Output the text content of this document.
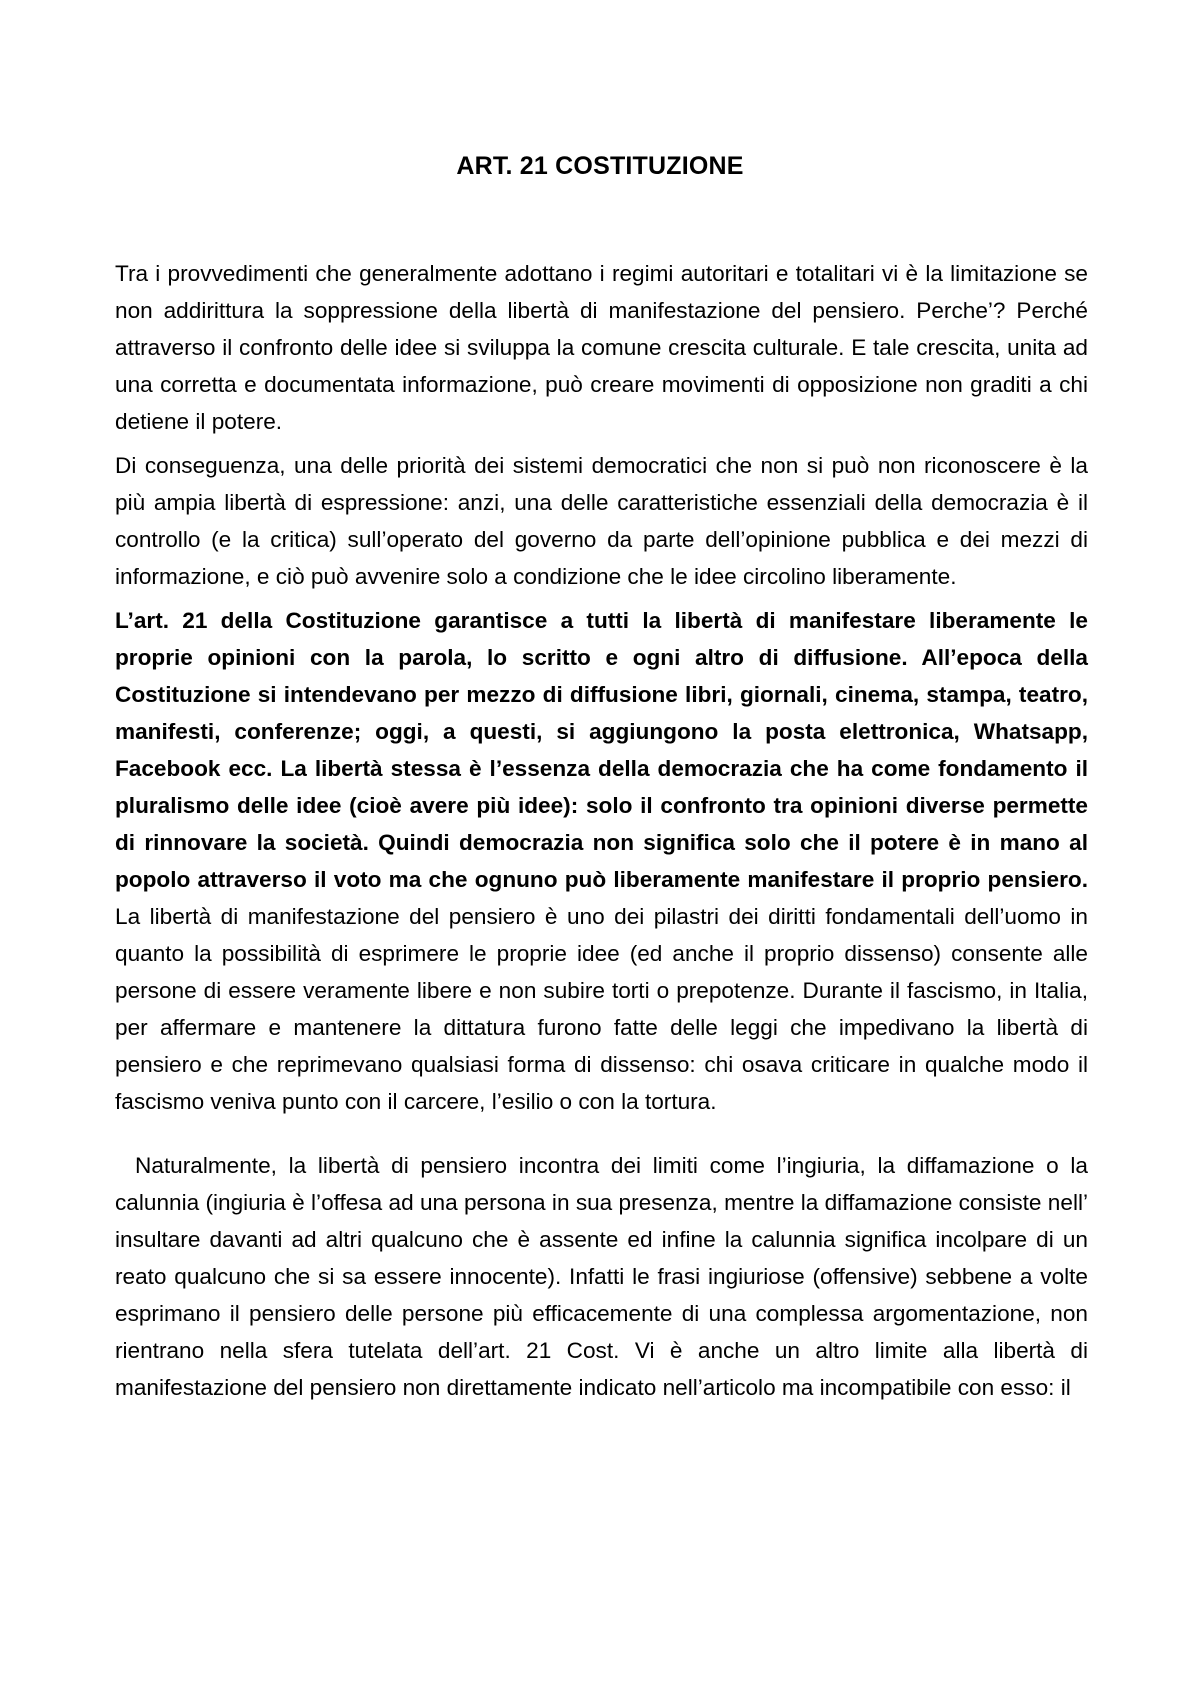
ART. 21 COSTITUZIONE

Tra i provvedimenti che generalmente adottano i regimi autoritari e totalitari vi è la limitazione se non addirittura la soppressione della libertà di manifestazione del pensiero. Perche’? Perché attraverso il confronto delle idee si sviluppa la comune crescita culturale. E tale crescita, unita ad una corretta e documentata informazione, può creare movimenti di opposizione non graditi a chi detiene il potere.

Di conseguenza, una delle priorità dei sistemi democratici che non si può non riconoscere è la più ampia libertà di espressione: anzi, una delle caratteristiche essenziali della democrazia è il controllo (e la critica) sull’operato del governo da parte dell’opinione pubblica e dei mezzi di informazione, e ciò può avvenire solo a condizione che le idee circolino liberamente.

L’art. 21 della Costituzione garantisce a tutti la libertà di manifestare liberamente le proprie opinioni con la parola, lo scritto e ogni altro di diffusione. All’epoca della Costituzione si intendevano per mezzo di diffusione libri, giornali, cinema, stampa, teatro, manifesti, conferenze; oggi, a questi, si aggiungono la posta elettronica, Whatsapp, Facebook ecc. La libertà stessa è l’essenza della democrazia che ha come fondamento il pluralismo delle idee (cioè avere più idee): solo il confronto tra opinioni diverse permette di rinnovare la società. Quindi democrazia non significa solo che il potere è in mano al popolo attraverso il voto ma che ognuno può liberamente manifestare il proprio pensiero. La libertà di manifestazione del pensiero è uno dei pilastri dei diritti fondamentali dell’uomo in quanto la possibilità di esprimere le proprie idee (ed anche il proprio dissenso) consente alle persone di essere veramente libere e non subire torti o prepotenze. Durante il fascismo, in Italia, per affermare e mantenere la dittatura furono fatte delle leggi che impedivano la libertà di pensiero e che reprimevano qualsiasi forma di dissenso: chi osava criticare in qualche modo il fascismo veniva punto con il carcere, l’esilio o con la tortura.

Naturalmente, la libertà di pensiero incontra dei limiti come l’ingiuria, la diffamazione o la calunnia (ingiuria è l’offesa ad una persona in sua presenza, mentre la diffamazione consiste nell’ insultare davanti ad altri qualcuno che è assente ed infine la calunnia significa incolpare di un reato qualcuno che si sa essere innocente). Infatti le frasi ingiuriose (offensive) sebbene a volte esprimano il pensiero delle persone più efficacemente di una complessa argomentazione, non rientrano nella sfera tutelata dell’art. 21 Cost. Vi è anche un altro limite alla libertà di manifestazione del pensiero non direttamente indicato nell’articolo ma incompatibile con esso: il
